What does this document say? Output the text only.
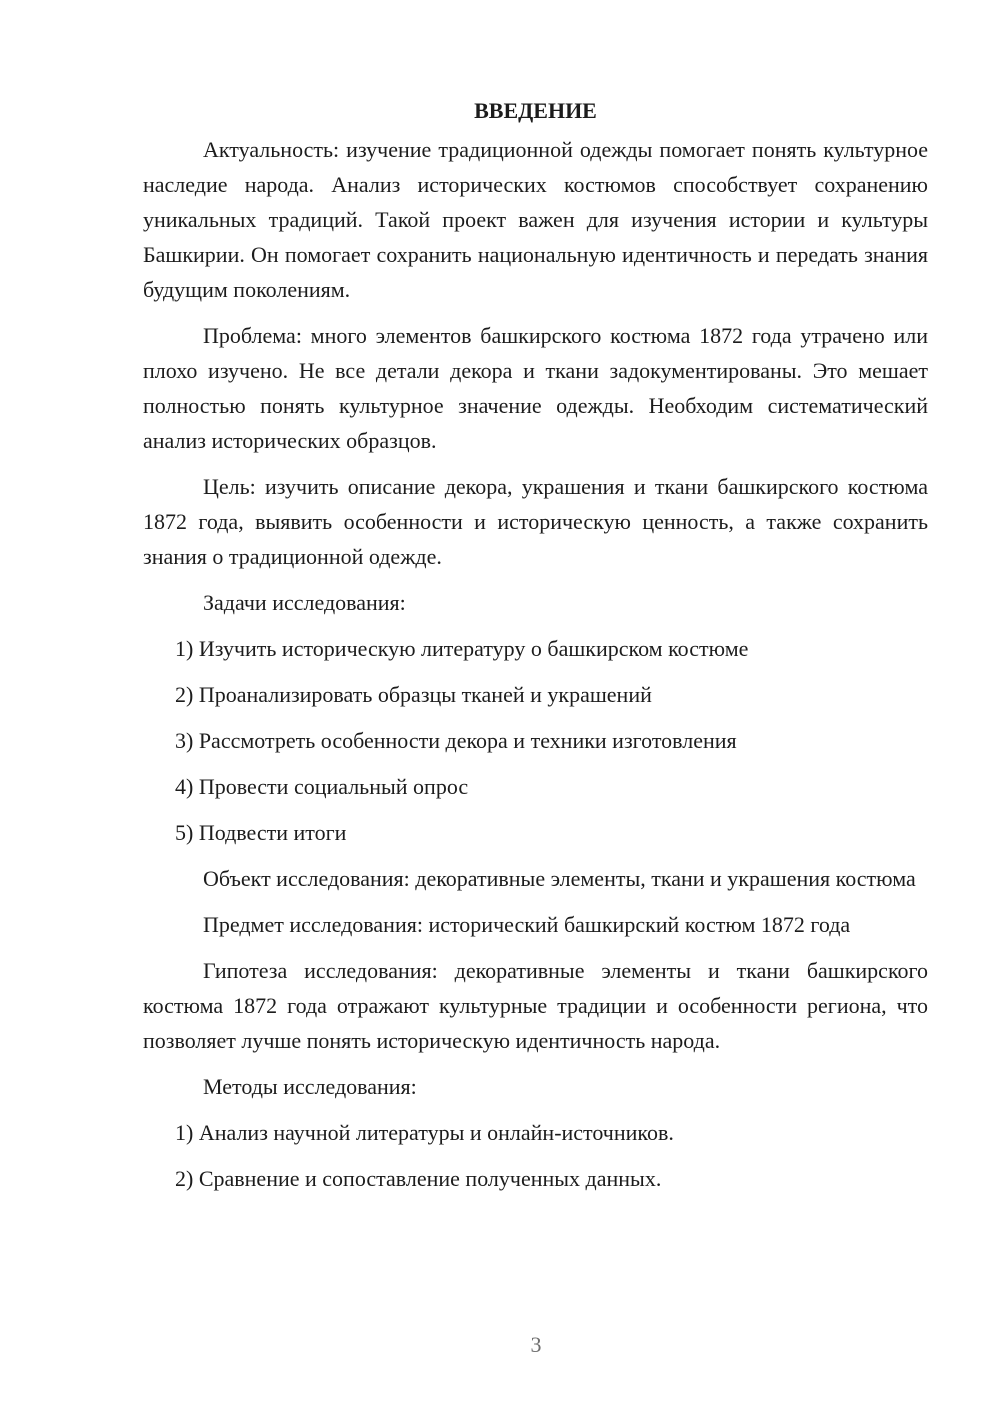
ВВЕДЕНИЕ

Актуальность: изучение традиционной одежды помогает понять культурное наследие народа. Анализ исторических костюмов способствует сохранению уникальных традиций. Такой проект важен для изучения истории и культуры Башкирии. Он помогает сохранить национальную идентичность и передать знания будущим поколениям.

Проблема: много элементов башкирского костюма 1872 года утрачено или плохо изучено. Не все детали декора и ткани задокументированы. Это мешает полностью понять культурное значение одежды. Необходим систематический анализ исторических образцов.

Цель: изучить описание декора, украшения и ткани башкирского костюма 1872 года, выявить особенности и историческую ценность, а также сохранить знания о традиционной одежде.

Задачи исследования:
1) Изучить историческую литературу о башкирском костюме
2) Проанализировать образцы тканей и украшений
3) Рассмотреть особенности декора и техники изготовления
4) Провести социальный опрос
5) Подвести итоги

Объект исследования: декоративные элементы, ткани и украшения костюма

Предмет исследования: исторический башкирский костюм 1872 года

Гипотеза исследования: декоративные элементы и ткани башкирского костюма 1872 года отражают культурные традиции и особенности региона, что позволяет лучше понять историческую идентичность народа.

Методы исследования:
1) Анализ научной литературы и онлайн-источников.
2) Сравнение и сопоставление полученных данных.
3
